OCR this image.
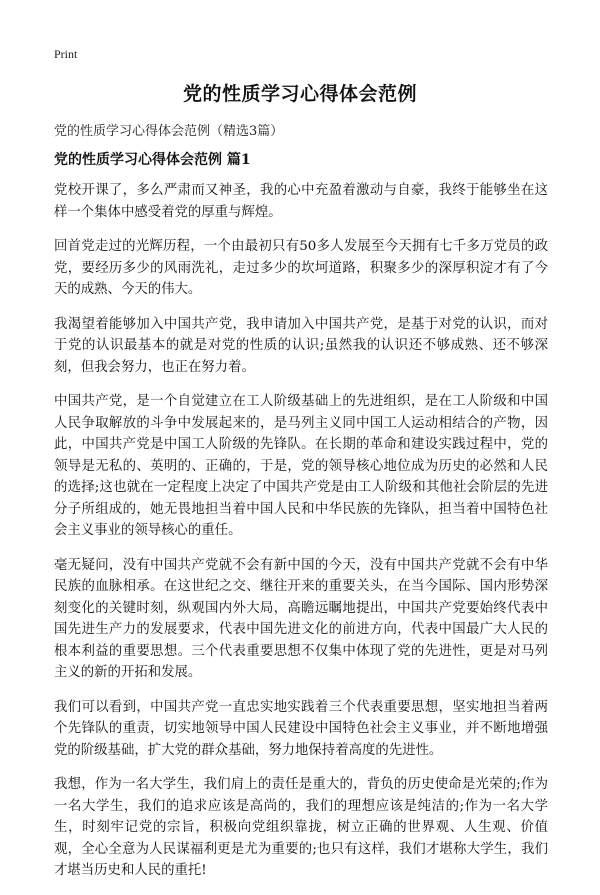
Print
党的性质学习心得体会范例
党的性质学习心得体会范例（精选3篇）
党的性质学习心得体会范例 篇1

党校开课了，多么严肃而又神圣，我的心中充盈着激动与自豪，我终于能够坐在这样一个集体中感受着党的厚重与辉煌。

回首党走过的光辉历程，一个由最初只有50多人发展至今天拥有七千多万党员的政党，要经历多少的风雨洗礼，走过多少的坎坷道路，积聚多少的深厚积淀才有了今天的成熟、今天的伟大。

我渴望着能够加入中国共产党，我申请加入中国共产党，是基于对党的认识，而对于党的认识最基本的就是对党的性质的认识;虽然我的认识还不够成熟、还不够深刻，但我会努力，也正在努力着。

中国共产党，是一个自觉建立在工人阶级基础上的先进组织，是在工人阶级和中国人民争取解放的斗争中发展起来的，是马列主义同中国工人运动相结合的产物，因此，中国共产党是中国工人阶级的先锋队。在长期的革命和建设实践过程中，党的领导是无私的、英明的、正确的，于是，党的领导核心地位成为历史的必然和人民的选择;这也就在一定程度上决定了中国共产党是由工人阶级和其他社会阶层的先进分子所组成的，她无畏地担当着中国人民和中华民族的先锋队，担当着中国特色社会主义事业的领导核心的重任。

毫无疑问，没有中国共产党就不会有新中国的今天，没有中国共产党就不会有中华民族的血脉相承。在这世纪之交、继往开来的重要关头，在当今国际、国内形势深刻变化的关键时刻，纵观国内外大局，高瞻远瞩地提出，中国共产党要始终代表中国先进生产力的发展要求，代表中国先进文化的前进方向，代表中国最广大人民的根本利益的重要思想。三个代表重要思想不仅集中体现了党的先进性，更是对马列主义的新的开拓和发展。

我们可以看到，中国共产党一直忠实地实践着三个代表重要思想，坚实地担当着两个先锋队的重责，切实地领导中国人民建设中国特色社会主义事业，并不断地增强党的阶级基础，扩大党的群众基础，努力地保持着高度的先进性。

我想，作为一名大学生，我们肩上的责任是重大的，背负的历史使命是光荣的;作为一名大学生，我们的追求应该是高尚的，我们的理想应该是纯洁的;作为一名大学生，时刻牢记党的宗旨，积极向党组织靠拢，树立正确的世界观、人生观、价值观，全心全意为人民谋福利更是尤为重要的;也只有这样，我们才堪称大学生，我们才堪当历史和人民的重托!
